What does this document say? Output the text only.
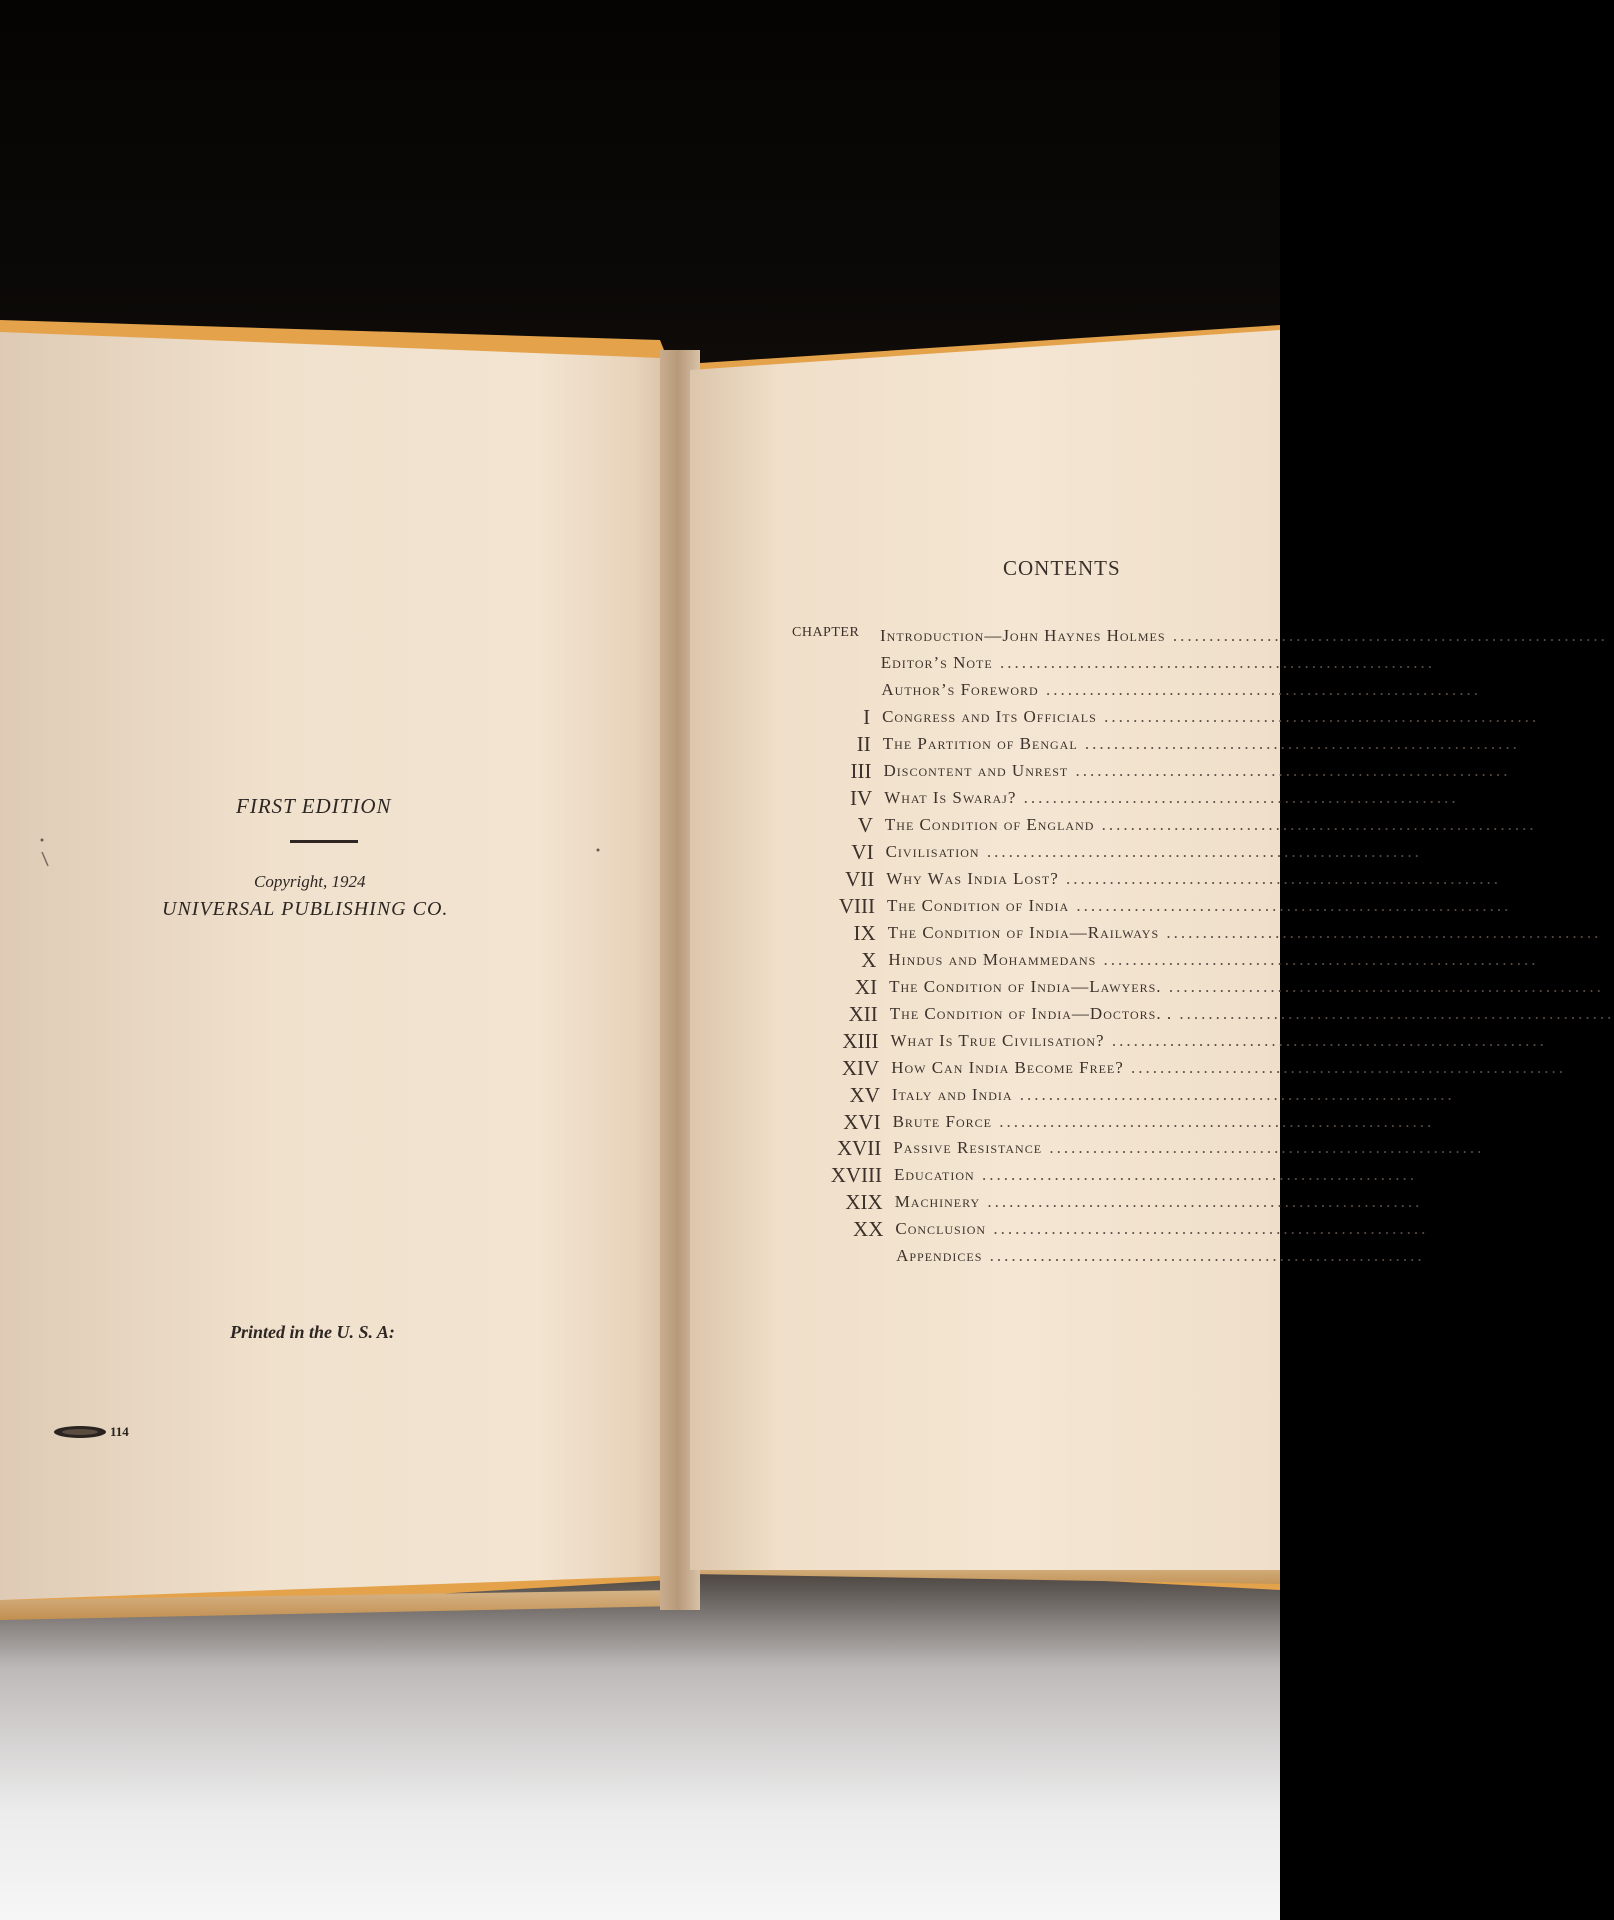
FIRST EDITION
Copyright, 1924
UNIVERSAL PUBLISHING CO.
Printed in the U. S. A:
114
CONTENTS
CHAPTER Introduction—John Haynes Holmes ............................................................
Editor’s Note ............................................................
Author’s Foreword ............................................................
I Congress and Its Officials ............................................................
II The Partition of Bengal ............................................................
III Discontent and Unrest ............................................................
IV What Is Swaraj? ............................................................
V The Condition of England ............................................................
VI Civilisation ............................................................
VII Why Was India Lost? ............................................................
VIII The Condition of India ............................................................
IX The Condition of India—Railways ............................................................
X Hindus and Mohammedans ............................................................
XI The Condition of India—Lawyers. ............................................................
XII The Condition of India—Doctors. . ............................................................
XIII What Is True Civilisation? ............................................................
XIV How Can India Become Free? ............................................................
XV Italy and India ............................................................
XVI Brute Force ............................................................
XVII Passive Resistance ............................................................
XVIII Education ............................................................
XIX Machinery ............................................................
XX Conclusion ............................................................
Appendices ............................................................
